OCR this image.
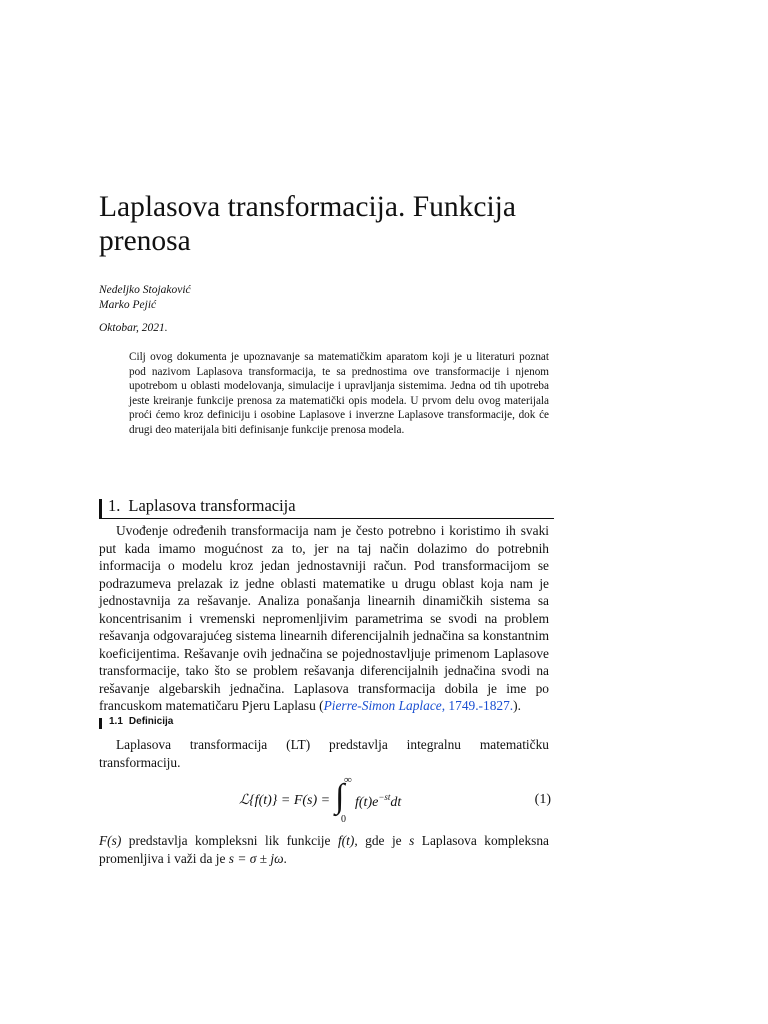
Laplasova transformacija. Funkcija prenosa
Nedeljko Stojaković
Marko Pejić
Oktobar, 2021.

Cilj ovog dokumenta je upoznavanje sa matematičkim aparatom koji je u literaturi poznat pod nazivom Laplasova transformacija, te sa prednostima ove transformacije i njenom upotrebom u oblasti modelovanja, simulacije i upravljanja sistemima. Jedna od tih upotreba jeste kreiranje funkcije prenosa za matematički opis modela. U prvom delu ovog materijala proći ćemo kroz definiciju i osobine Laplasove i inverzne Laplasove transformacije, dok će drugi deo materijala biti definisanje funkcije prenosa modela.

1. Laplasova transformacija

Uvođenje određenih transformacija nam je često potrebno i koristimo ih svaki put kada imamo mogućnost za to, jer na taj način dolazimo do potrebnih informacija o modelu kroz jedan jednostavniji račun. Pod transformacijom se podrazumeva prelazak iz jedne oblasti matematike u drugu oblast koja nam je jednostavnija za rešavanje. Analiza ponašanja linearnih dinamičkih sistema sa koncentrisanim i vremenski nepromenljivim parametrima se svodi na problem rešavanja odgovarajućeg sistema linearnih diferencijalnih jednačina sa konstantnim koeficijentima. Rešavanje ovih jednačina se pojednostavljuje primenom Laplasove transformacije, tako što se problem rešavanja diferencijalnih jednačina svodi na rešavanje algebarskih jednačina. Laplasova transformacija dobila je ime po francuskom matematičaru Pjeru Laplasu (Pierre-Simon Laplace, 1749.-1827.).

1.1 Definicija

Laplasova transformacija (LT) predstavlja integralnu matematičku transformaciju.

ℒ{f(t)} = F(s) =
∞
∫
0
$f(t)e^{-st}dt$	(1)

F(s) predstavlja kompleksni lik funkcije f(t), gde je s Laplasova kompleksna promenljiva i važi da je s = σ ± jω.
